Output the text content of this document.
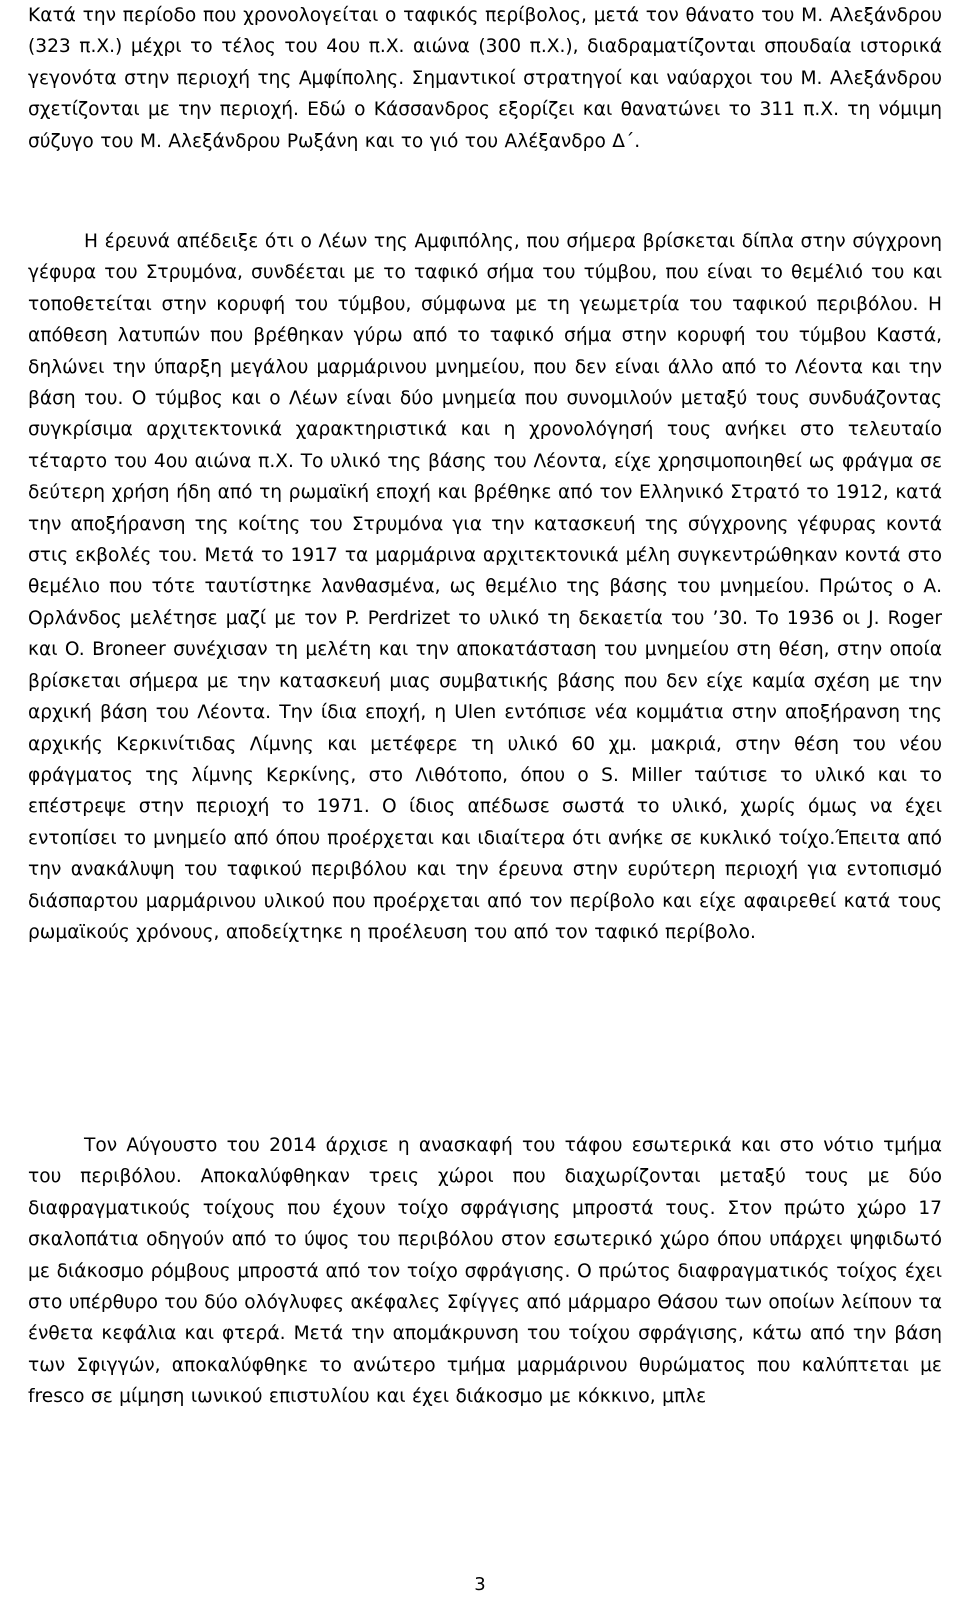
Κατά την περίοδο που χρονολογείται ο ταφικός περίβολος, μετά τον θάνατο του Μ. Αλεξάνδρου (323 π.Χ.) μέχρι το τέλος του 4ου π.Χ. αιώνα (300 π.Χ.), διαδραματίζονται σπουδαία ιστορικά γεγονότα στην περιοχή της Αμφίπολης. Σημαντικοί στρατηγοί και ναύαρχοι του Μ. Αλεξάνδρου σχετίζονται με την περιοχή. Εδώ ο Κάσσανδρος εξορίζει και θανατώνει το 311 π.Χ. τη νόμιμη σύζυγο του Μ. Αλεξάνδρου Ρωξάνη και το γιό του Αλέξανδρο Δ΄.

Η έρευνά απέδειξε ότι ο Λέων της Αμφιπόλης, που σήμερα βρίσκεται δίπλα στην σύγχρονη γέφυρα του Στρυμόνα, συνδέεται με το ταφικό σήμα του τύμβου, που είναι το θεμέλιό του και τοποθετείται στην κορυφή του τύμβου, σύμφωνα με τη γεωμετρία του ταφικού περιβόλου. Η απόθεση λατυπών που βρέθηκαν γύρω από το ταφικό σήμα στην κορυφή του τύμβου Καστά, δηλώνει την ύπαρξη μεγάλου μαρμάρινου μνημείου, που δεν είναι άλλο από το Λέοντα και την βάση του. Ο τύμβος και ο Λέων είναι δύο μνημεία που συνομιλούν μεταξύ τους συνδυάζοντας συγκρίσιμα αρχιτεκτονικά χαρακτηριστικά και η χρονολόγησή τους ανήκει στο τελευταίο τέταρτο του 4ου αιώνα π.Χ. Το υλικό της βάσης του Λέοντα, είχε χρησιμοποιηθεί ως φράγμα σε δεύτερη χρήση ήδη από τη ρωμαϊκή εποχή και βρέθηκε από τον Ελληνικό Στρατό το 1912, κατά την αποξήρανση της κοίτης του Στρυμόνα για την κατασκευή της σύγχρονης γέφυρας κοντά στις εκβολές του. Μετά το 1917 τα μαρμάρινα αρχιτεκτονικά μέλη συγκεντρώθηκαν κοντά στο θεμέλιο που τότε ταυτίστηκε λανθασμένα, ως θεμέλιο της βάσης του μνημείου. Πρώτος ο Α. Ορλάνδος μελέτησε μαζί με τον P. Perdrizet το υλικό τη δεκαετία του ’30. Το 1936 οι J. Roger και O. Broneer συνέχισαν τη μελέτη και την αποκατάσταση του μνημείου στη θέση, στην οποία βρίσκεται σήμερα με την κατασκευή μιας συμβατικής βάσης που δεν είχε καμία σχέση με την αρχική βάση του Λέοντα. Την ίδια εποχή, η Ulen εντόπισε νέα κομμάτια στην αποξήρανση της αρχικής Κερκινίτιδας Λίμνης και μετέφερε τη υλικό 60 χμ. μακριά, στην θέση του νέου φράγματος της λίμνης Κερκίνης, στο Λιθότοπο, όπου ο S. Miller ταύτισε το υλικό και το επέστρεψε στην περιοχή το 1971. Ο ίδιος απέδωσε σωστά το υλικό, χωρίς όμως να έχει εντοπίσει το μνημείο από όπου προέρχεται και ιδιαίτερα ότι ανήκε σε κυκλικό τοίχο.Έπειτα από την ανακάλυψη του ταφικού περιβόλου και την έρευνα στην ευρύτερη περιοχή για εντοπισμό διάσπαρτου μαρμάρινου υλικού που προέρχεται από τον περίβολο και είχε αφαιρεθεί κατά τους ρωμαϊκούς χρόνους, αποδείχτηκε η προέλευση του από τον ταφικό περίβολο.

Τον Αύγουστο του 2014 άρχισε η ανασκαφή του τάφου εσωτερικά και στο νότιο τμήμα του περιβόλου. Αποκαλύφθηκαν τρεις χώροι που διαχωρίζονται μεταξύ τους με δύο διαφραγματικούς τοίχους που έχουν τοίχο σφράγισης μπροστά τους. Στον πρώτο χώρο 17 σκαλοπάτια οδηγούν από το ύψος του περιβόλου στον εσωτερικό χώρο όπου υπάρχει ψηφιδωτό με διάκοσμο ρόμβους μπροστά από τον τοίχο σφράγισης. Ο πρώτος διαφραγματικός τοίχος έχει στο υπέρθυρο του δύο ολόγλυφες ακέφαλες Σφίγγες από μάρμαρο Θάσου των οποίων λείπουν τα ένθετα κεφάλια και φτερά. Μετά την απομάκρυνση του τοίχου σφράγισης, κάτω από την βάση των Σφιγγών, αποκαλύφθηκε το ανώτερο τμήμα μαρμάρινου θυρώματος που καλύπτεται με fresco σε μίμηση ιωνικού επιστυλίου και έχει διάκοσμο με κόκκινο, μπλε

3
